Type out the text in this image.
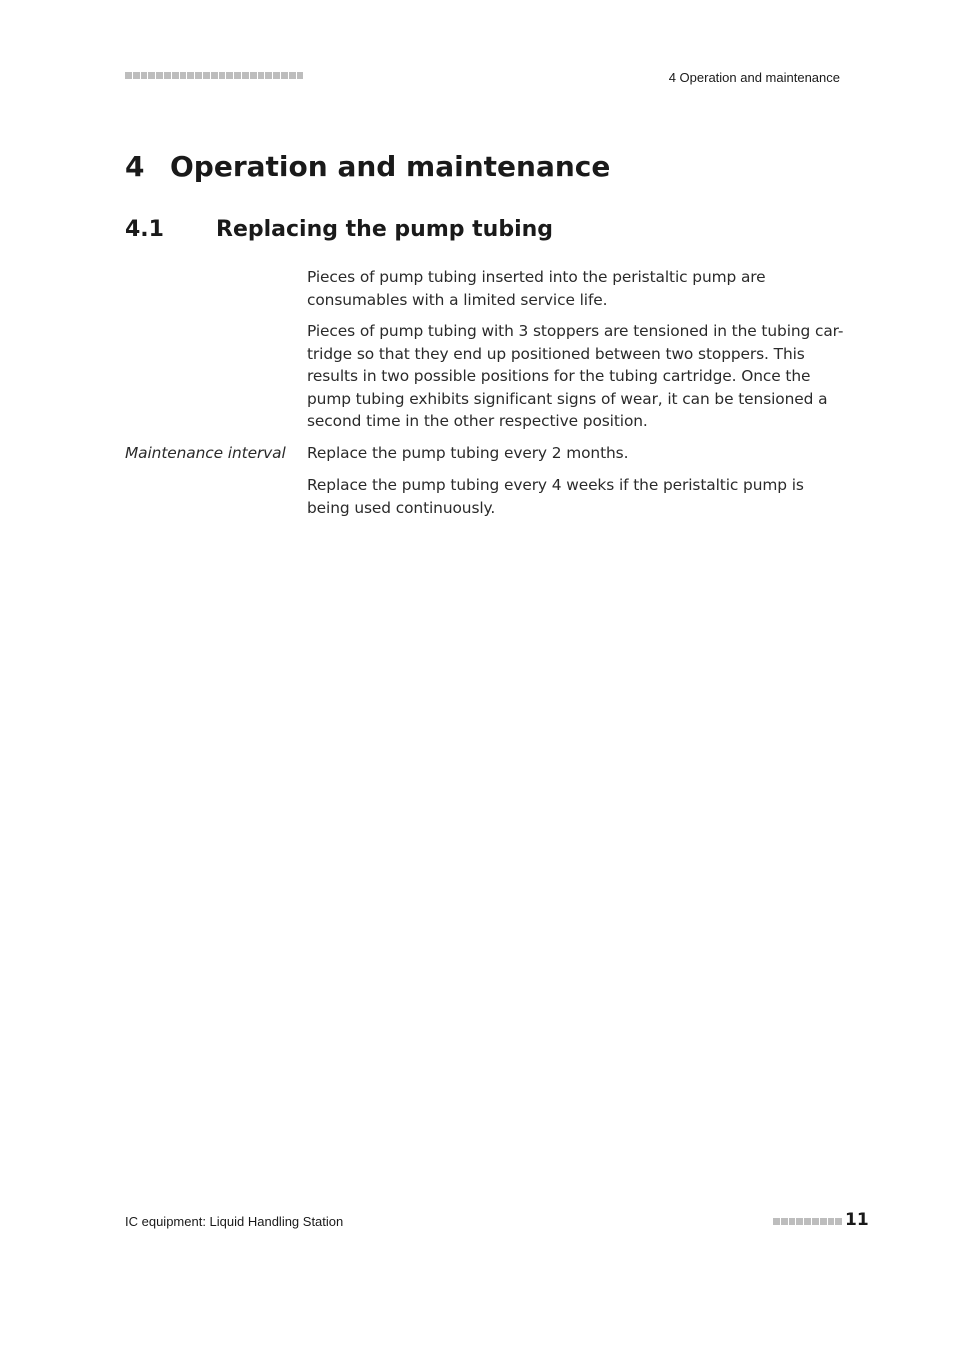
4 Operation and maintenance
4 Operation and maintenance
4.1 Replacing the pump tubing

Pieces of pump tubing inserted into the peristaltic pump are consumables with a limited service life.

Pieces of pump tubing with 3 stoppers are tensioned in the tubing car-tridge so that they end up positioned between two stoppers. This results in two possible positions for the tubing cartridge. Once the pump tubing exhibits significant signs of wear, it can be tensioned a second time in the other respective position.

Maintenance interval Replace the pump tubing every 2 months.

Replace the pump tubing every 4 weeks if the peristaltic pump is being used continuously.

IC equipment: Liquid Handling Station	11
